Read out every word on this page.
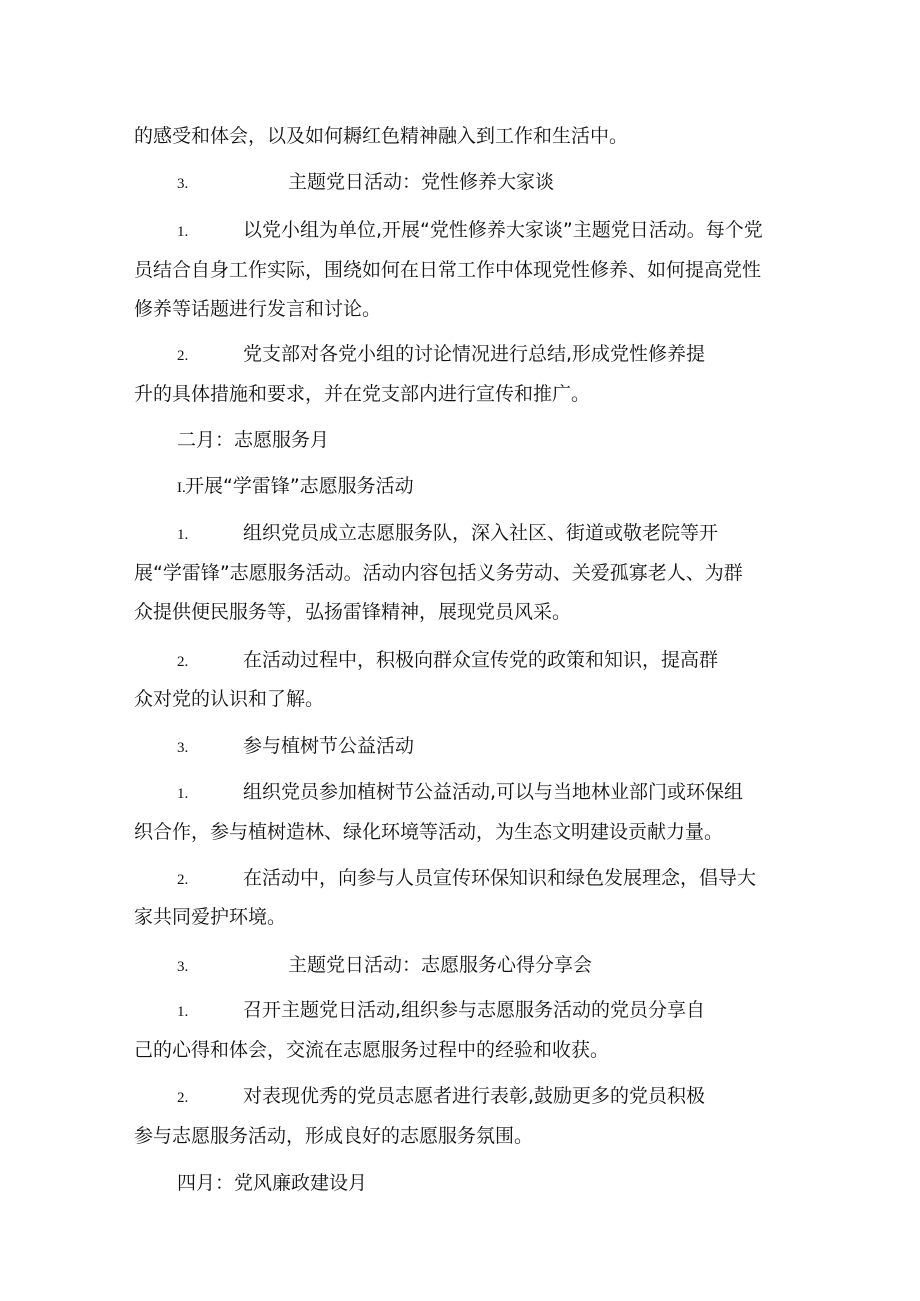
的感受和体会，以及如何耨红色精神融入到工作和生活中。
3.	主题党日活动：党性修养大家谈
1.	以党小组为单位,开展“党性修养大家谈”主题党日活动。每个党
员结合自身工作实际，围绕如何在日常工作中体现党性修养、如何提高党性
修养等话题进行发言和讨论。
2.	党支部对各党小组的讨论情况进行总结,形成党性修养提
升的具体措施和要求，并在党支部内进行宣传和推广。
二月：志愿服务月
I. 开展“学雷锋”志愿服务活动
1.	组织党员成立志愿服务队，深入社区、街道或敬老院等开
展“学雷锋”志愿服务活动。活动内容包括义务劳动、关爱孤寡老人、为群
众提供便民服务等，弘扬雷锋精神，展现党员风采。
2.	在活动过程中，积极向群众宣传党的政策和知识，提高群
众对党的认识和了解。
3.	参与植树节公益活动
1.	组织党员参加植树节公益活动,可以与当地林业部门或环保组
织合作，参与植树造林、绿化环境等活动，为生态文明建设贡献力量。
2.	在活动中，向参与人员宣传环保知识和绿色发展理念，倡导大
家共同爱护环境。
3.	主题党日活动：志愿服务心得分享会
1.	召开主题党日活动,组织参与志愿服务活动的党员分享自
己的心得和体会，交流在志愿服务过程中的经验和收获。
2.	对表现优秀的党员志愿者进行表彰,鼓励更多的党员积极
参与志愿服务活动，形成良好的志愿服务氛围。
四月：党风廉政建设月
